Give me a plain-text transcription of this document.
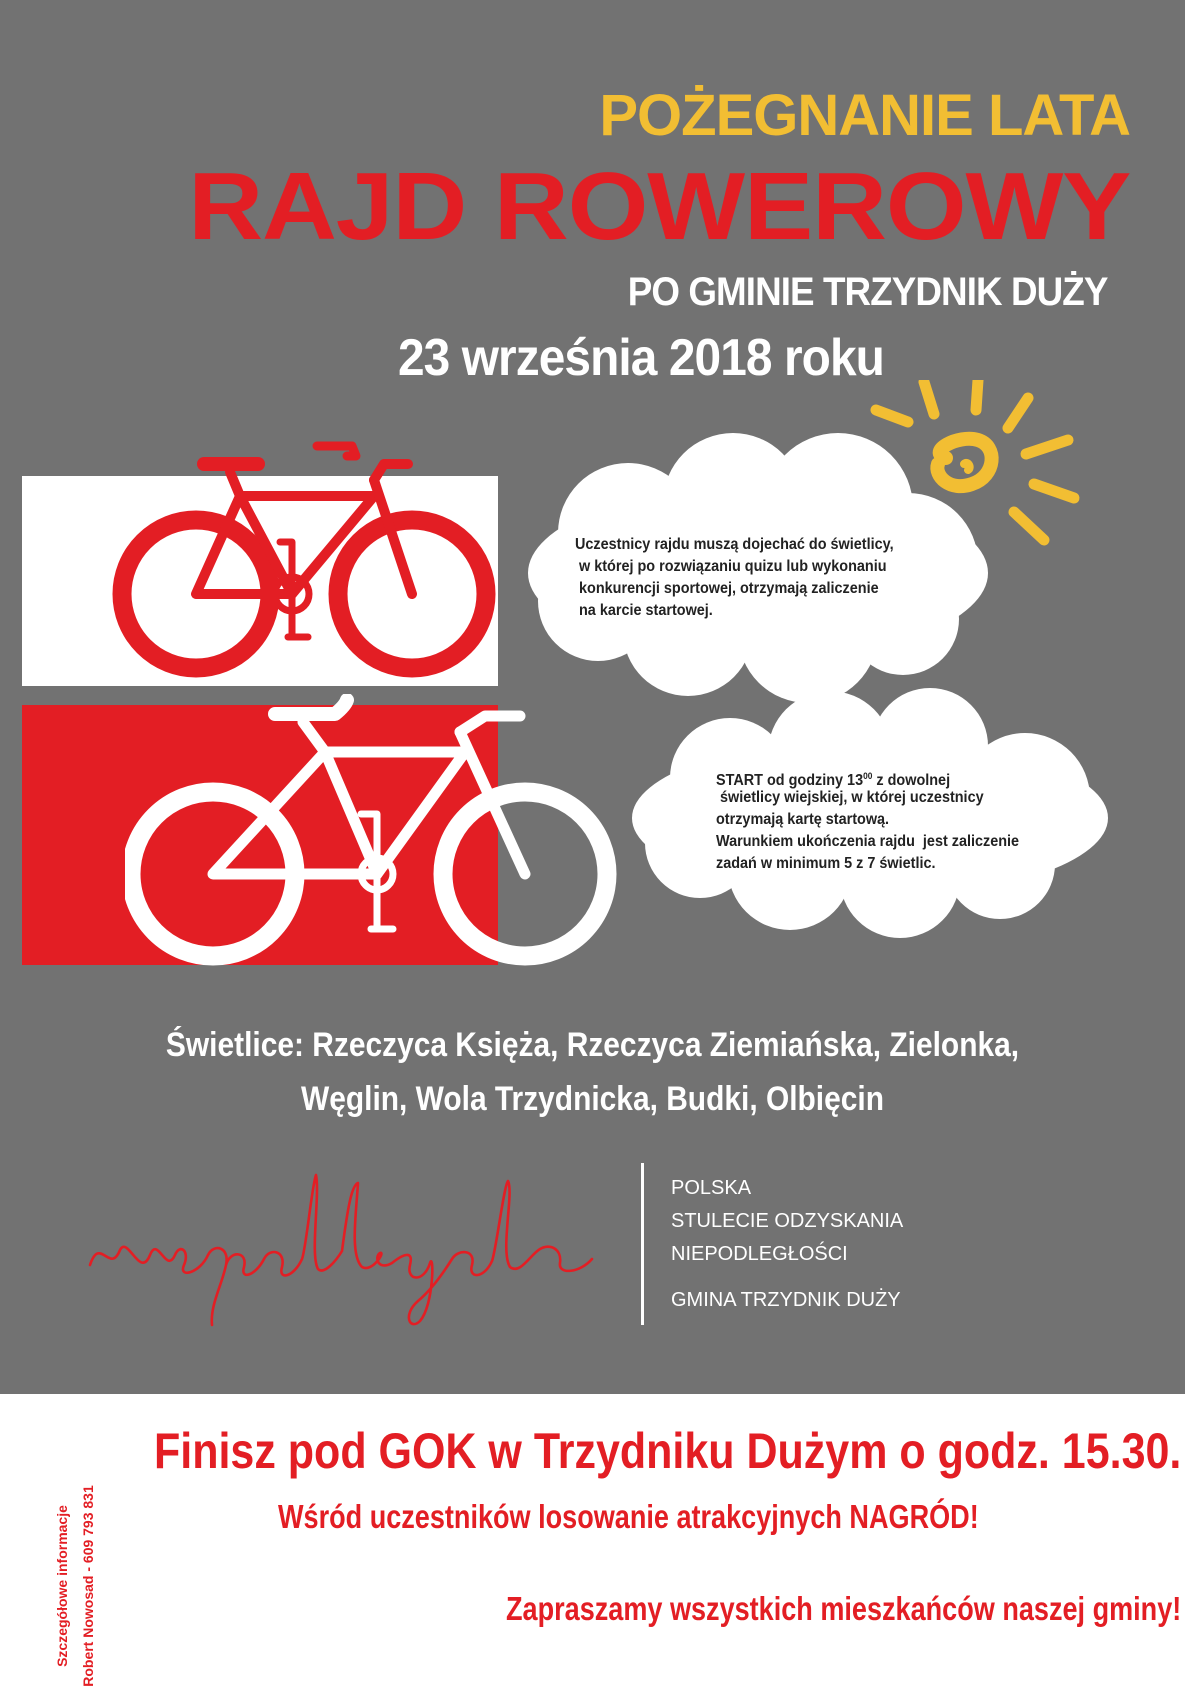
POŻEGNANIE LATA

RAJD ROWEROWY

PO GMINIE TRZYDNIK DUŻY

23 września 2018 roku

Uczestnicy rajdu muszą dojechać do świetlicy,
w której po rozwiązaniu quizu lub wykonaniu
konkurencji sportowej, otrzymają zaliczenie
na karcie startowej.

START od godziny $13^{00}$ z dowolnej

świetlicy wiejskiej, w której uczestnicy
otrzymają kartę startową.
Warunkiem ukończenia rajdu  jest zaliczenie
zadań w minimum 5 z 7 świetlic.

Świetlice: Rzeczyca Księża, Rzeczyca Ziemiańska, Zielonka,
Węglin, Wola Trzydnicka, Budki, Olbięcin

POLSKA

STULECIE ODZYSKANIA

NIEPODLEGŁOŚCI

GMINA TRZYDNIK DUŻY

Szczegółowe informacje Robert Nowosad - 609 793 831

Finisz pod GOK w Trzydniku Dużym o godz. 15.30.

Wśród uczestników losowanie atrakcyjnych NAGRÓD!

Zapraszamy wszystkich mieszkańców naszej gminy!
